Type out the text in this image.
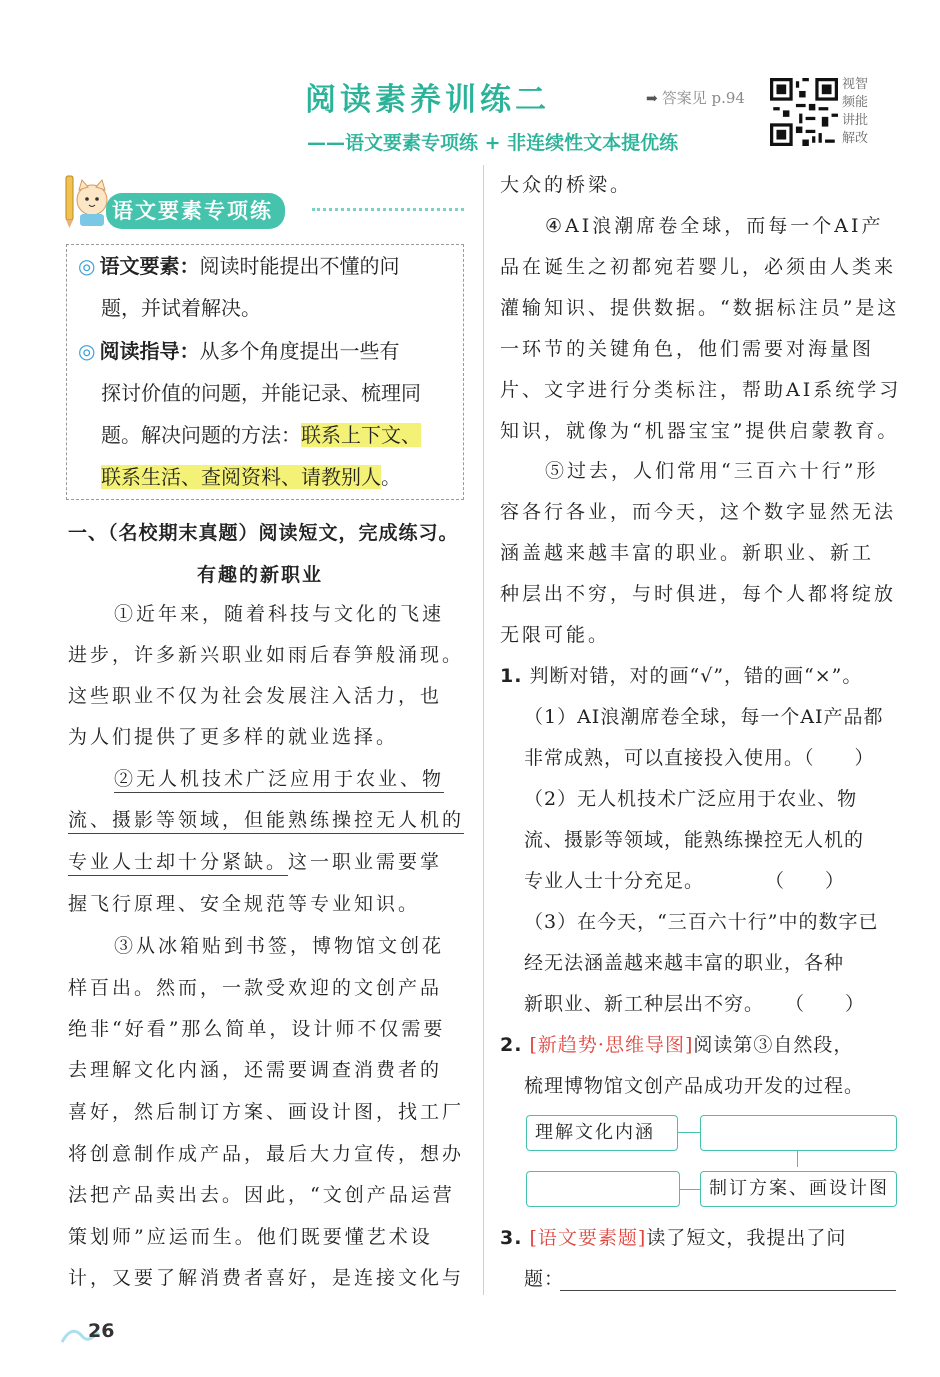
阅读素养训练二
——语文要素专项练 + 非连续性文本提优练
➡ 答案见 p.94
视智
频能
讲批
解改
语文要素专项练
◎ 语文要素：阅读时能提出不懂的问
题，并试着解决。
◎ 阅读指导：从多个角度提出一些有
探讨价值的问题，并能记录、梳理同
题。解决问题的方法：联系上下文、
联系生活、查阅资料、请教别人。
一、（名校期末真题）阅读短文，完成练习。
有趣的新职业
①近年来，随着科技与文化的飞速
进步，许多新兴职业如雨后春笋般涌现。
这些职业不仅为社会发展注入活力，也
为人们提供了更多样的就业选择。
②无人机技术广泛应用于农业、物
流、摄影等领域，但能熟练操控无人机的
专业人士却十分紧缺。这一职业需要掌
握飞行原理、安全规范等专业知识。
③从冰箱贴到书签，博物馆文创花
样百出。然而，一款受欢迎的文创产品
绝非“好看”那么简单，设计师不仅需要
去理解文化内涵，还需要调查消费者的
喜好，然后制订方案、画设计图，找工厂
将创意制作成产品，最后大力宣传，想办
法把产品卖出去。因此，“文创产品运营
策划师”应运而生。他们既要懂艺术设
计，又要了解消费者喜好，是连接文化与
大众的桥梁。
④AI浪潮席卷全球，而每一个AI产
品在诞生之初都宛若婴儿，必须由人类来
灌输知识、提供数据。“数据标注员”是这
一环节的关键角色，他们需要对海量图
片、文字进行分类标注，帮助AI系统学习
知识，就像为“机器宝宝”提供启蒙教育。
⑤过去，人们常用“三百六十行”形
容各行各业，而今天，这个数字显然无法
涵盖越来越丰富的职业。新职业、新工
种层出不穷，与时俱进，每个人都将绽放
无限可能。
1. 判断对错，对的画“√”，错的画“×”。
（1）AI浪潮席卷全球，每一个AI产品都
非常成熟，可以直接投入使用。（　　）
（2）无人机技术广泛应用于农业、物
流、摄影等领域，能熟练操控无人机的
专业人士十分充足。　　　　（　　）
（3）在今天，“三百六十行”中的数字已
经无法涵盖越来越丰富的职业，各种
新职业、新工种层出不穷。　　（　　）
2. [新趋势·思维导图]阅读第③自然段，
梳理博物馆文创产品成功开发的过程。
理解文化内涵
制订方案、画设计图
3. [语文要素题]读了短文，我提出了问
题：
26
